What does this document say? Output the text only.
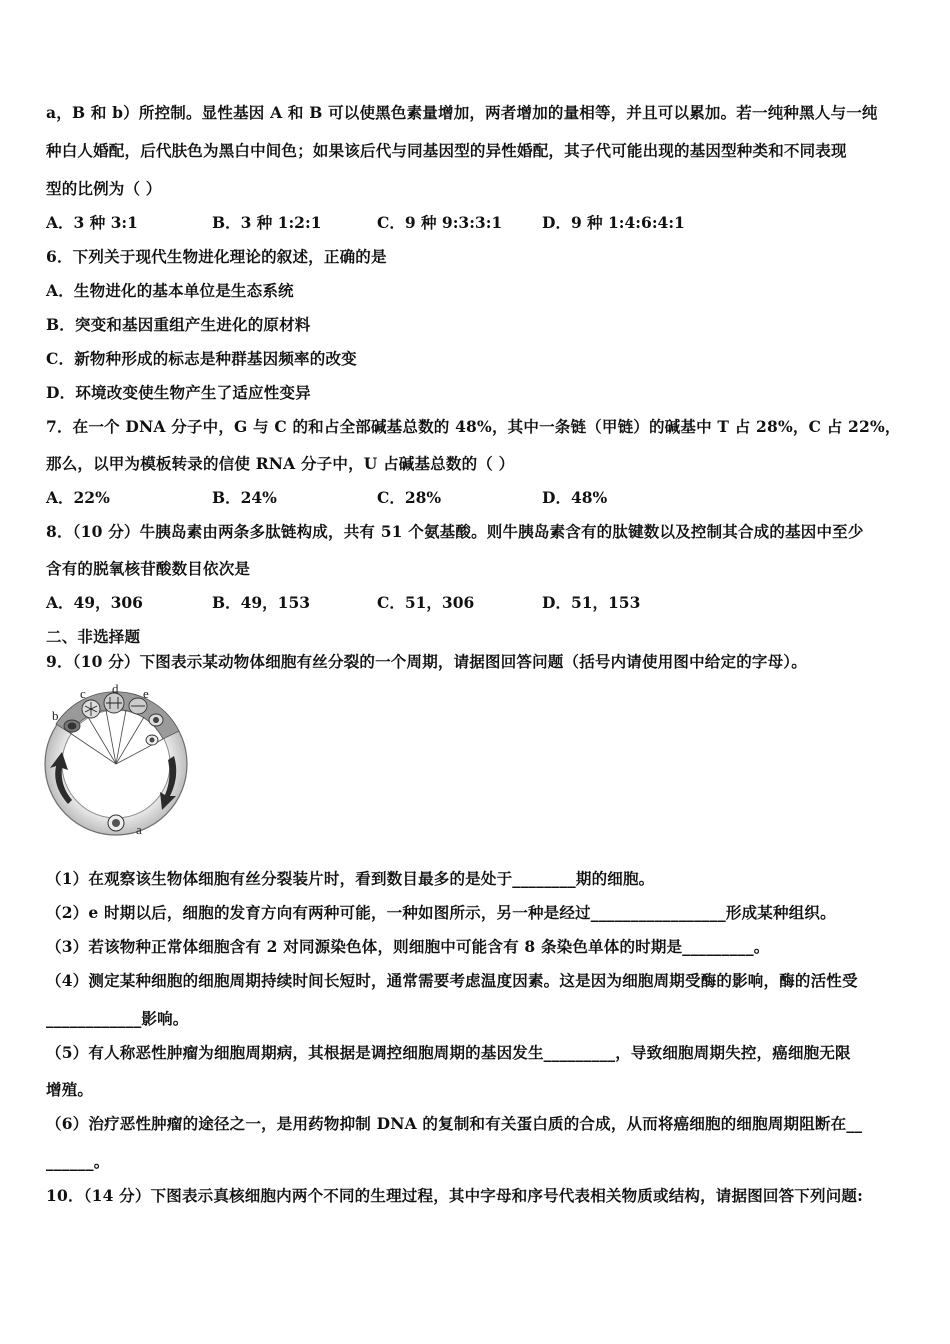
a，B 和 b）所控制。显性基因 A 和 B 可以使黑色素量增加，两者增加的量相等，并且可以累加。若一纯种黑人与一纯
种白人婚配，后代肤色为黑白中间色；如果该后代与同基因型的异性婚配，其子代可能出现的基因型种类和不同表现
型的比例为（ ）
A．3 种 3:1	B．3 种 1:2:1	C．9 种 9:3:3:1	D．9 种 1:4:6:4:1
6．下列关于现代生物进化理论的叙述，正确的是
A．生物进化的基本单位是生态系统
B．突变和基因重组产生进化的原材料
C．新物种形成的标志是种群基因频率的改变
D．环境改变使生物产生了适应性变异
7．在一个 DNA 分子中，G 与 C 的和占全部碱基总数的 48%，其中一条链（甲链）的碱基中 T 占 28%，C 占 22%，
那么，以甲为模板转录的信使 RNA 分子中，U 占碱基总数的（ ）
A．22%	B．24%	C．28%	D．48%
8．（10 分）牛胰岛素由两条多肽链构成，共有 51 个氨基酸。则牛胰岛素含有的肽键数以及控制其合成的基因中至少
含有的脱氧核苷酸数目依次是
A．49，306	B．49，153	C．51，306	D．51，153
二、非选择题
9．（10 分）下图表示某动物体细胞有丝分裂的一个周期，请据图回答问题（括号内请使用图中给定的字母）。
a
b
c d e
（1）在观察该生物体细胞有丝分裂装片时，看到数目最多的是处于________期的细胞。
（2）e 时期以后，细胞的发育方向有两种可能，一种如图所示，另一种是经过_________________形成某种组织。
（3）若该物种正常体细胞含有 2 对同源染色体，则细胞中可能含有 8 条染色单体的时期是_________。
（4）测定某种细胞的细胞周期持续时间长短时，通常需要考虑温度因素。这是因为细胞周期受酶的影响，酶的活性受
____________影响。
（5）有人称恶性肿瘤为细胞周期病，其根据是调控细胞周期的基因发生_________，导致细胞周期失控，癌细胞无限
增殖。
（6）治疗恶性肿瘤的途径之一，是用药物抑制 DNA 的复制和有关蛋白质的合成，从而将癌细胞的细胞周期阻断在__
______。
10．（14 分）下图表示真核细胞内两个不同的生理过程，其中字母和序号代表相关物质或结构，请据图回答下列问题:
